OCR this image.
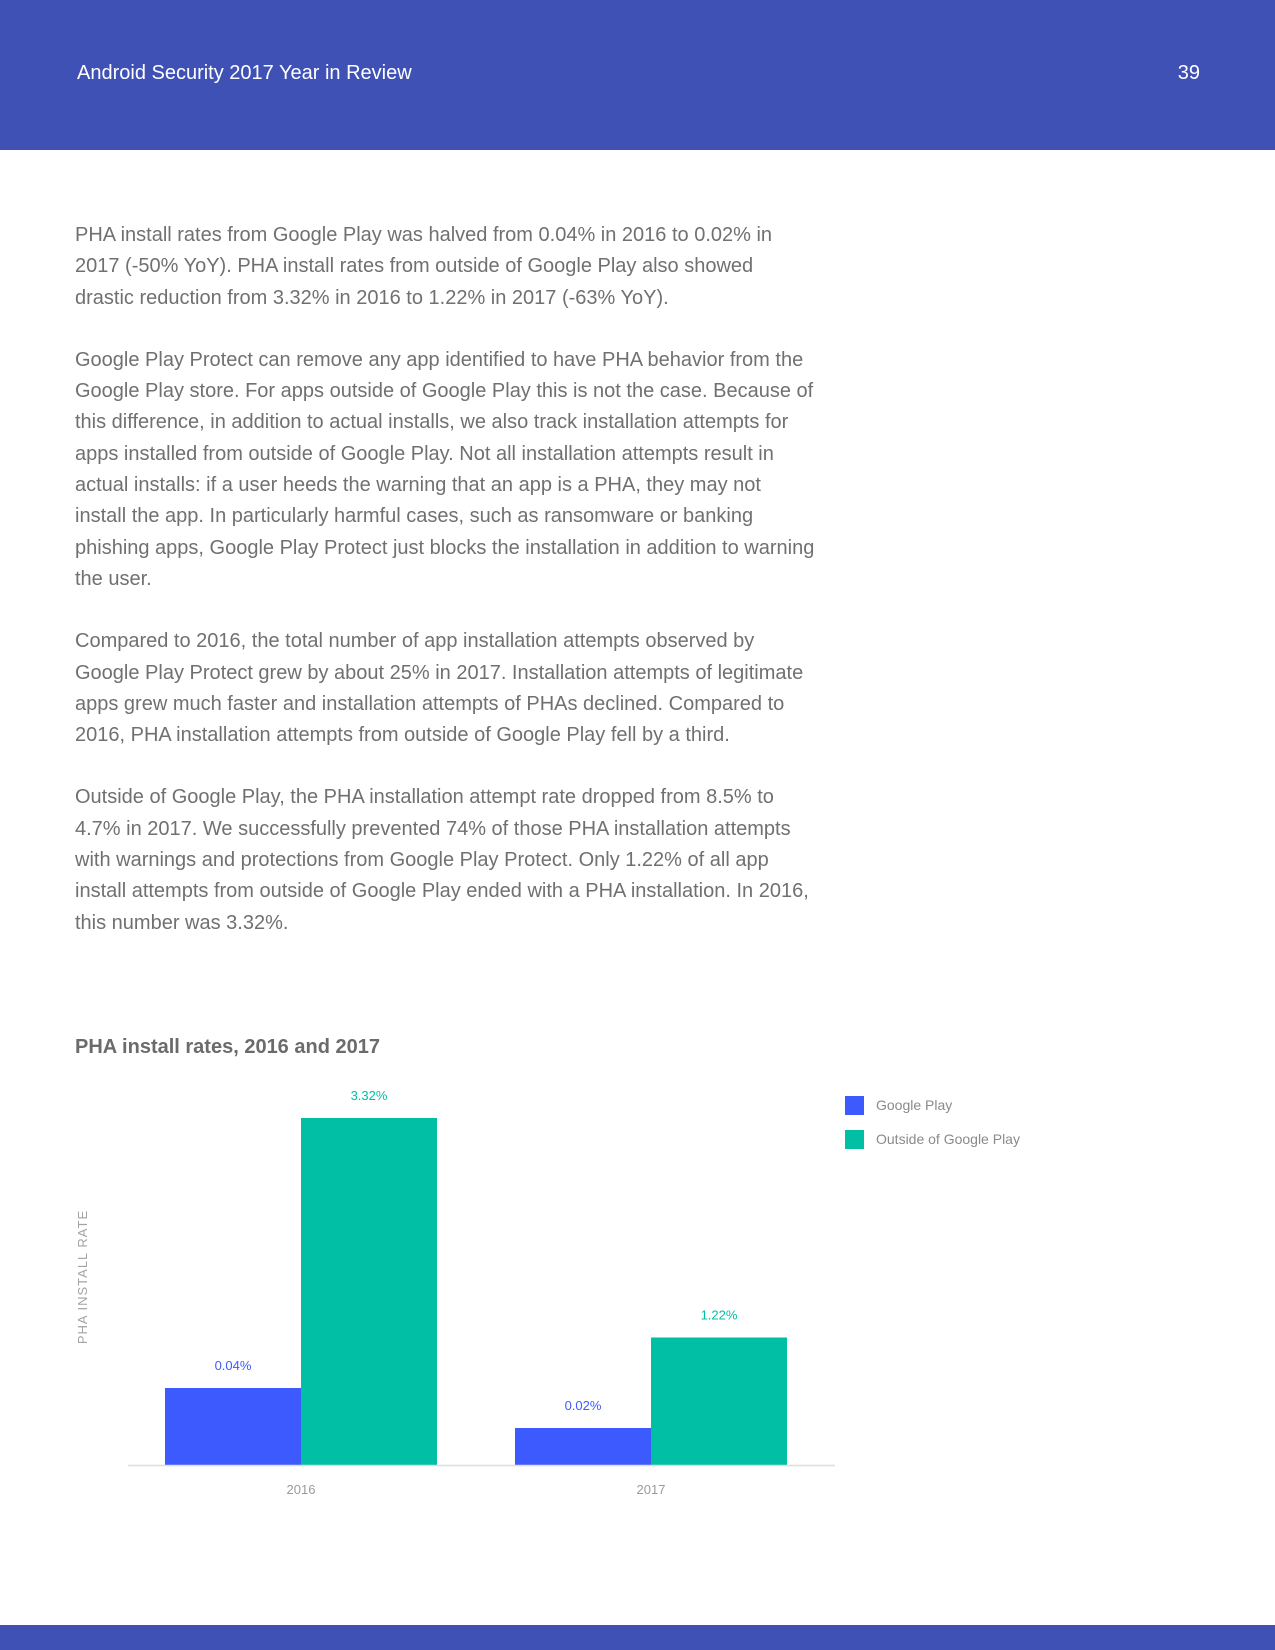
Android Security 2017 Year in Review	39

PHA install rates from Google Play was halved from 0.04% in 2016 to 0.02% in 2017 (-50% YoY). PHA install rates from outside of Google Play also showed drastic reduction from 3.32% in 2016 to 1.22% in 2017 (-63% YoY).

Google Play Protect can remove any app identified to have PHA behavior from the Google Play store. For apps outside of Google Play this is not the case. Because of this difference, in addition to actual installs, we also track installation attempts for apps installed from outside of Google Play. Not all installation attempts result in actual installs: if a user heeds the warning that an app is a PHA, they may not install the app. In particularly harmful cases, such as ransomware or banking phishing apps, Google Play Protect just blocks the installation in addition to warning the user.

Compared to 2016, the total number of app installation attempts observed by Google Play Protect grew by about 25% in 2017. Installation attempts of legitimate apps grew much faster and installation attempts of PHAs declined. Compared to 2016, PHA installation attempts from outside of Google Play fell by a third.

Outside of Google Play, the PHA installation attempt rate dropped from 8.5% to 4.7% in 2017. We successfully prevented 74% of those PHA installation attempts with warnings and protections from Google Play Protect. Only 1.22% of all app install attempts from outside of Google Play ended with a PHA installation. In 2016, this number was 3.32%.

PHA install rates, 2016 and 2017
PHA INSTALL RATE
0.04%
3.32%
2016
0.02%
1.22%
2017
Google Play
Outside of Google Play
